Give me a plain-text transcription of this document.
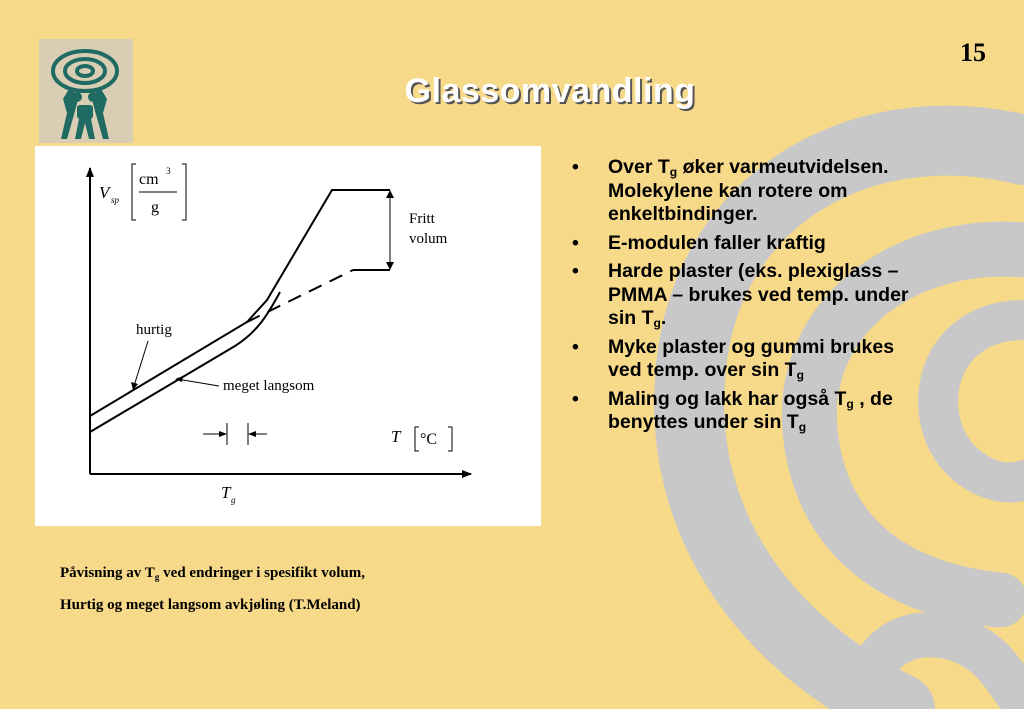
Glassomvandling
15
V sp
cm 3
g
Fritt
volum
hurtig
meget langsom
T °C
T g
Påvisning av $T_g$ ved endringer i spesifikt volum,
Hurtig og meget langsom avkjøling (T.Meland)
• Over $T_g$ øker varmeutvidelsen. Molekylene kan rotere om enkeltbindinger.
• E-modulen faller kraftig
• Harde plaster (eks. plexiglass – PMMA – brukes ved temp. under $\sin T_g$.
• Myke plaster og gummi brukes ved temp. over $\sin T_g$
• Maling og lakk har også $T_g$ , de benyttes under $\sin T_g$
